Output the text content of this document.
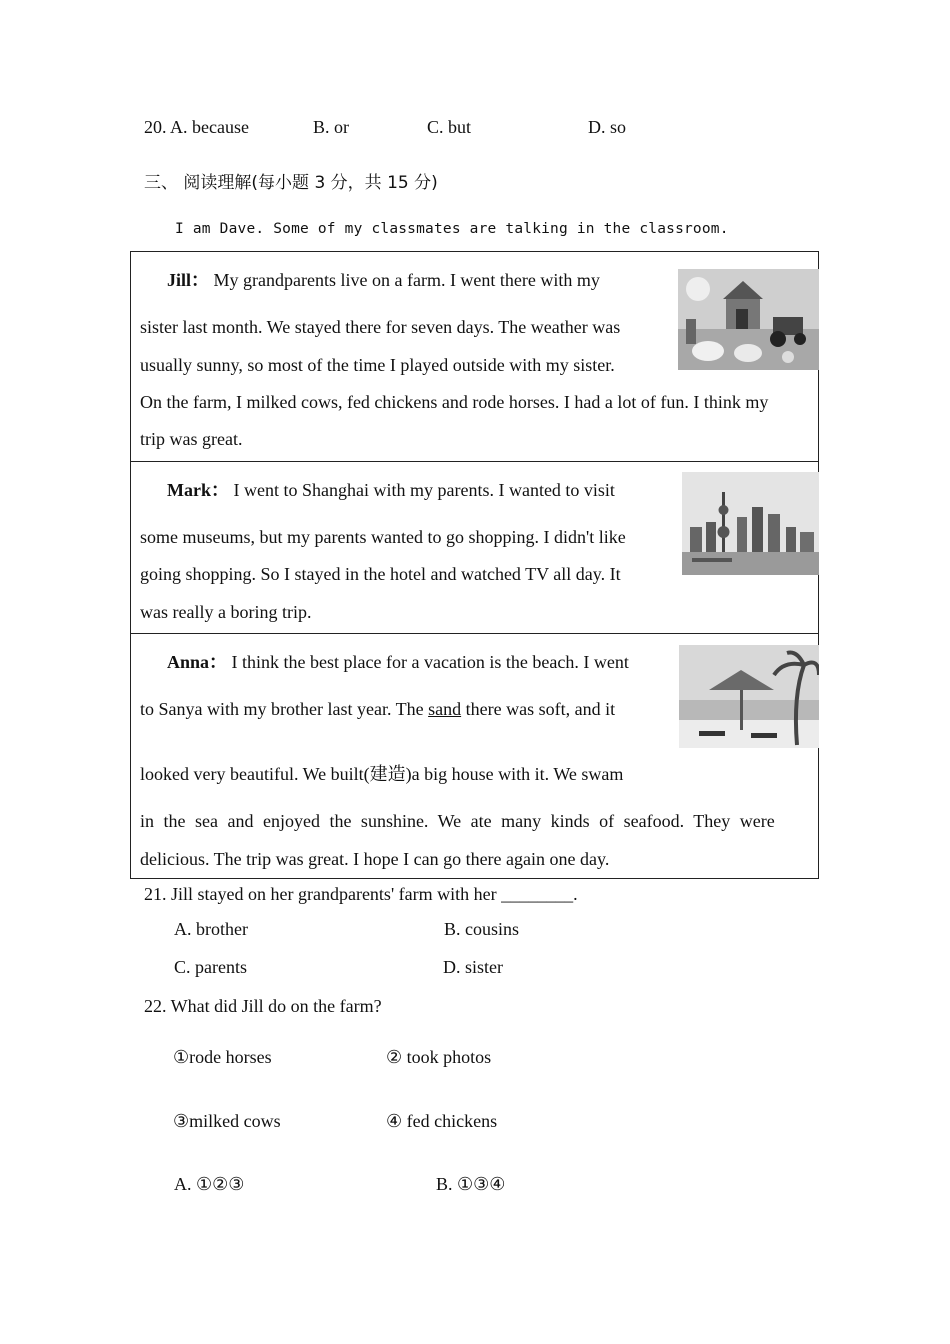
20. A. because	B. or	C. but	D. so
三、 阅读理解(每小题 3 分，共 15 分)
I am Dave. Some of my classmates are talking in the classroom.
Jill： My grandparents live on a farm. I went there with my
sister last month. We stayed there for seven days. The weather was
usually sunny, so most of the time I played outside with my sister.
On the farm, I milked cows, fed chickens and rode horses. I had a lot of fun. I think my
trip was great.
Mark： I went to Shanghai with my parents. I wanted to visit
some museums, but my parents wanted to go shopping. I didn't like
going shopping. So I stayed in the hotel and watched TV all day. It
was really a boring trip.
Anna： I think the best place for a vacation is the beach. I went
to Sanya with my brother last year. The sand there was soft, and it
looked very beautiful. We built(建造)a big house with it. We swam
in the sea and enjoyed the sunshine. We ate many kinds of seafood. They were
delicious. The trip was great. I hope I can go there again one day.
21. Jill stayed on her grandparents' farm with her ________.
A. brother	B. cousins
C. parents	D. sister
22. What did Jill do on the farm?
①rode horses	② took photos
③milked cows	④ fed chickens
A. ①②③	B. ①③④
